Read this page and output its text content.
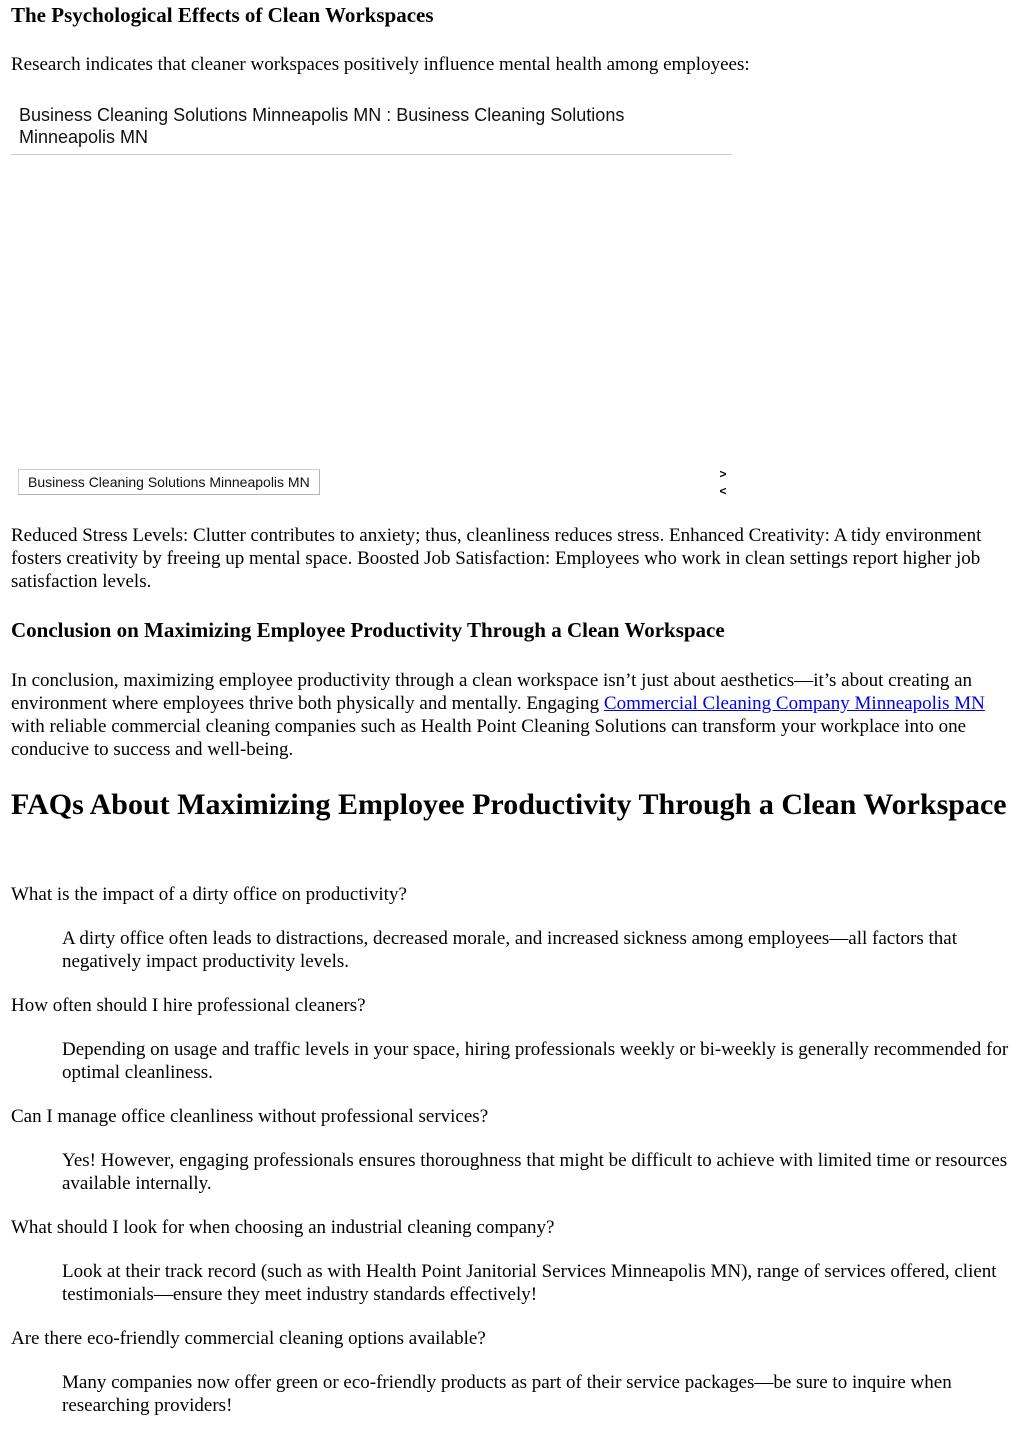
The Psychological Effects of Clean Workspaces

Research indicates that cleaner workspaces positively influence mental health among employees:

Business Cleaning Solutions Minneapolis MN : Business Cleaning Solutions Minneapolis MN
Business Cleaning Solutions Minneapolis MN	>
<

Reduced Stress Levels: Clutter contributes to anxiety; thus, cleanliness reduces stress. Enhanced Creativity: A tidy environment fosters creativity by freeing up mental space. Boosted Job Satisfaction: Employees who work in clean settings report higher job satisfaction levels.

Conclusion on Maximizing Employee Productivity Through a Clean Workspace

In conclusion, maximizing employee productivity through a clean workspace isn’t just about aesthetics—it’s about creating an environment where employees thrive both physically and mentally. Engaging Commercial Cleaning Company Minneapolis MN with reliable commercial cleaning companies such as Health Point Cleaning Solutions can transform your workplace into one conducive to success and well-being.

FAQs About Maximizing Employee Productivity Through a Clean Workspace

What is the impact of a dirty office on productivity?

A dirty office often leads to distractions, decreased morale, and increased sickness among employees—all factors that negatively impact productivity levels.

How often should I hire professional cleaners?

Depending on usage and traffic levels in your space, hiring professionals weekly or bi-weekly is generally recommended for optimal cleanliness.

Can I manage office cleanliness without professional services?

Yes! However, engaging professionals ensures thoroughness that might be difficult to achieve with limited time or resources available internally.

What should I look for when choosing an industrial cleaning company?

Look at their track record (such as with Health Point Janitorial Services Minneapolis MN), range of services offered, client testimonials—ensure they meet industry standards effectively!

Are there eco-friendly commercial cleaning options available?

Many companies now offer green or eco-friendly products as part of their service packages—be sure to inquire when researching providers!
